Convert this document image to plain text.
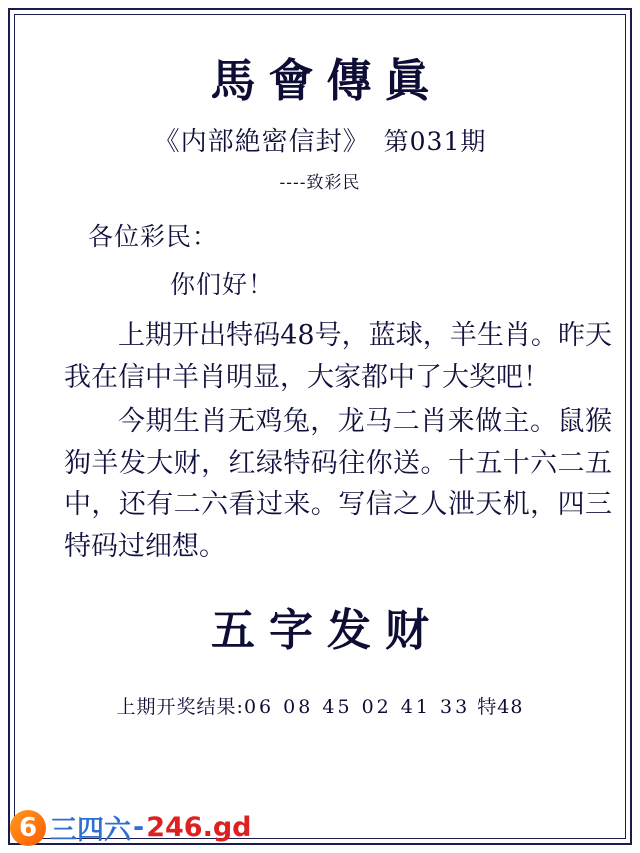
馬會傳眞
《内部絶密信封》 第031期
----致彩民
各位彩民：
你们好！

上期开出特码48号，蓝球，羊生肖。昨天我在信中羊肖明显，大家都中了大奖吧！

今期生肖无鸡兔，龙马二肖来做主。鼠猴狗羊发大财，红绿特码往你送。十五十六二五中，还有二六看过来。写信之人泄天机，四三特码过细想。

五字发财
上期开奖结果:06 08 45 02 41 33 特48
6 三四六 - 246.gd
